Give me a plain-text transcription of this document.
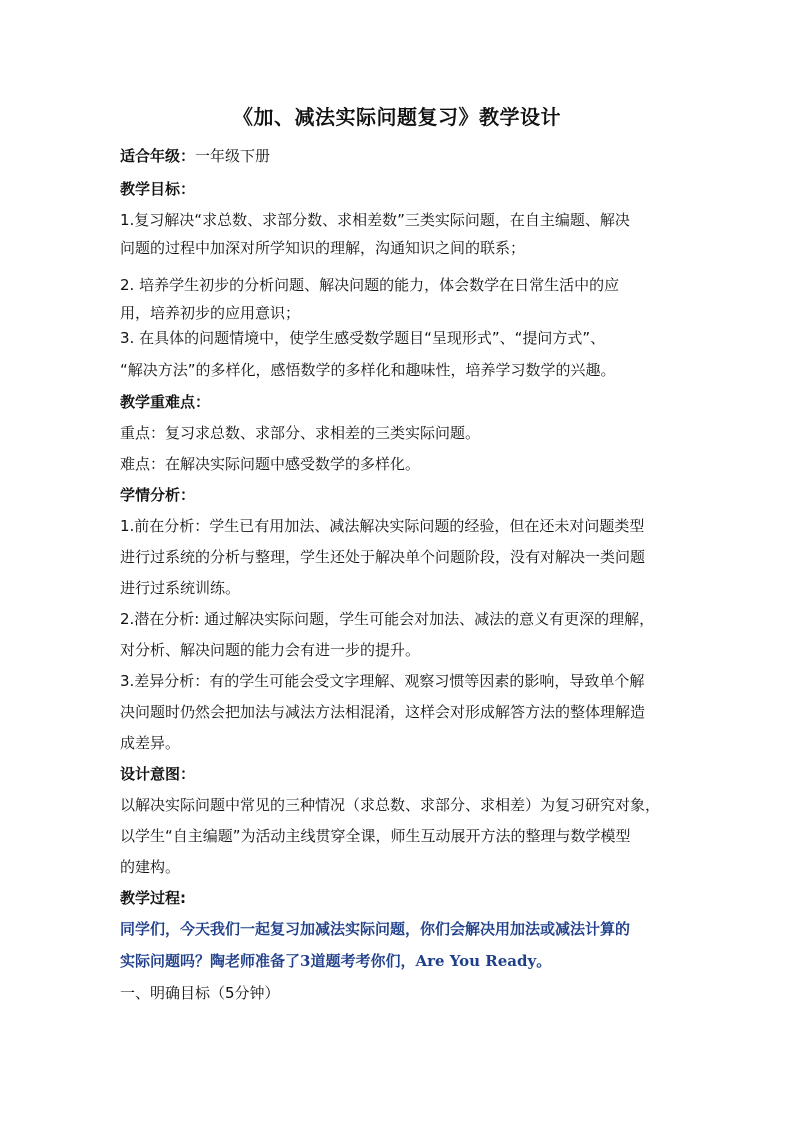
《加、减法实际问题复习》教学设计
适合年级：一年级下册
教学目标：
1.复习解决“求总数、求部分数、求相差数”三类实际问题，在自主编题、解决
问题的过程中加深对所学知识的理解，沟通知识之间的联系；
2. 培养学生初步的分析问题、解决问题的能力，体会数学在日常生活中的应
用，培养初步的应用意识；
3. 在具体的问题情境中，使学生感受数学题目“呈现形式”、“提问方式”、
“解决方法”的多样化，感悟数学的多样化和趣味性，培养学习数学的兴趣。
教学重难点：
重点：复习求总数、求部分、求相差的三类实际问题。
难点：在解决实际问题中感受数学的多样化。
学情分析：
1.前在分析：学生已有用加法、减法解决实际问题的经验，但在还未对问题类型
进行过系统的分析与整理，学生还处于解决单个问题阶段，没有对解决一类问题
进行过系统训练。
2.潜在分析: 通过解决实际问题，学生可能会对加法、减法的意义有更深的理解，
对分析、解决问题的能力会有进一步的提升。
3.差异分析：有的学生可能会受文字理解、观察习惯等因素的影响，导致单个解
决问题时仍然会把加法与减法方法相混淆，这样会对形成解答方法的整体理解造
成差异。
设计意图：
以解决实际问题中常见的三种情况（求总数、求部分、求相差）为复习研究对象，
以学生“自主编题”为活动主线贯穿全课，师生互动展开方法的整理与数学模型
的建构。
教学过程:
同学们，今天我们一起复习加减法实际问题，你们会解决用加法或减法计算的
实际问题吗？陶老师准备了3道题考考你们，Are You Ready。
一、明确目标（5分钟）
